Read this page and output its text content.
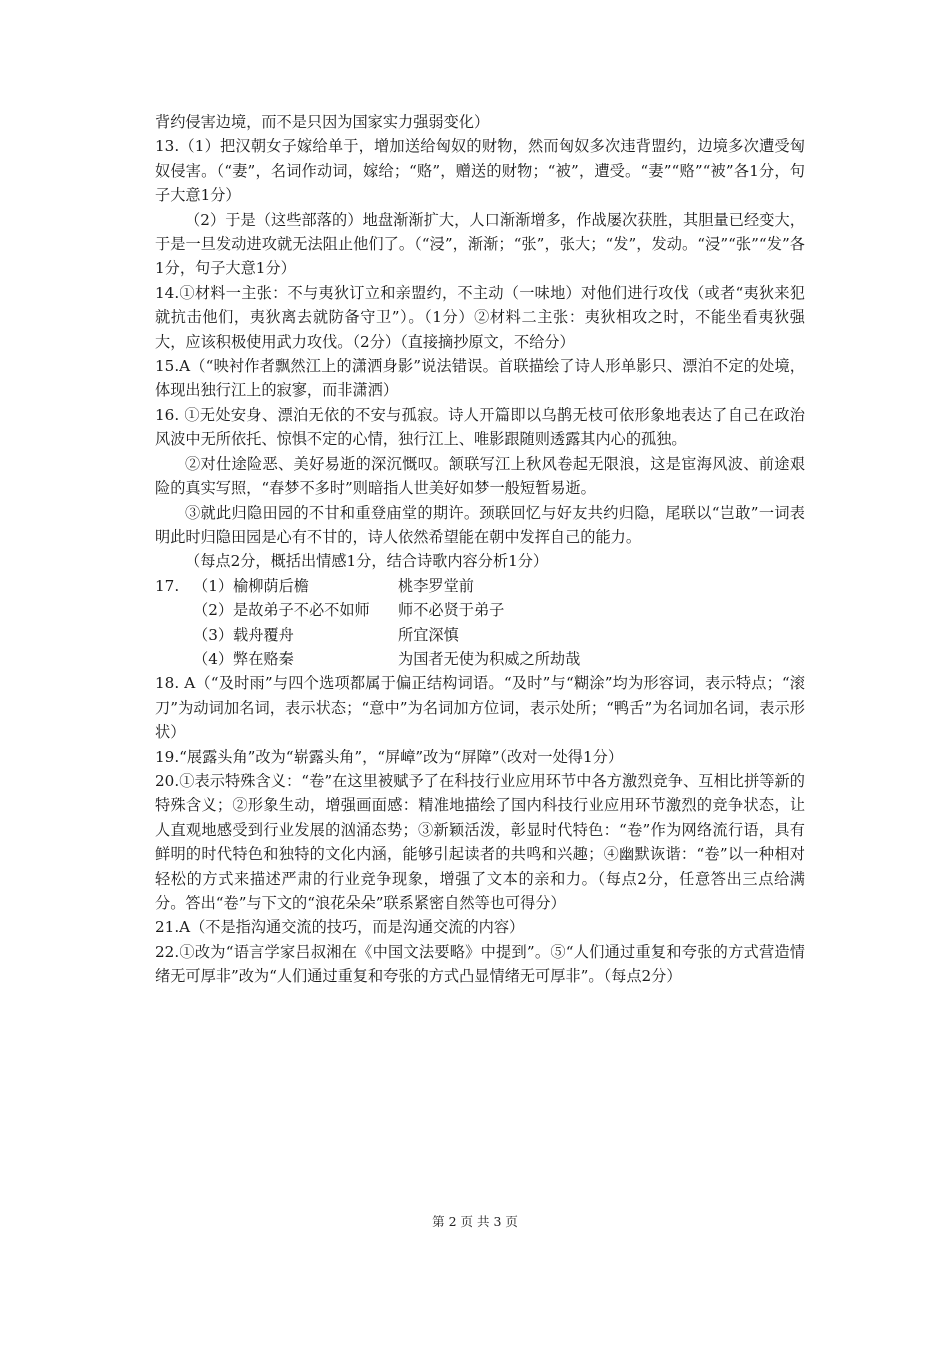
背约侵害边境，而不是只因为国家实力强弱变化）

13.（1）把汉朝女子嫁给单于，增加送给匈奴的财物，然而匈奴多次违背盟约，边境多次遭受匈奴侵害。（“妻”，名词作动词，嫁给；“赂”，赠送的财物；“被”，遭受。“妻”“赂”“被”各1分，句子大意1分）

（2）于是（这些部落的）地盘渐渐扩大，人口渐渐增多，作战屡次获胜，其胆量已经变大，于是一旦发动进攻就无法阻止他们了。（“浸”，渐渐；“张”，张大；“发”，发动。“浸”“张”“发”各1分，句子大意1分）

14.①材料一主张：不与夷狄订立和亲盟约，不主动（一味地）对他们进行攻伐（或者“夷狄来犯就抗击他们，夷狄离去就防备守卫”）。（1分）②材料二主张：夷狄相攻之时，不能坐看夷狄强大，应该积极使用武力攻伐。（2分）（直接摘抄原文，不给分）

15.A（“映衬作者飘然江上的潇洒身影”说法错误。首联描绘了诗人形单影只、漂泊不定的处境，体现出独行江上的寂寥，而非潇洒）

16. ①无处安身、漂泊无依的不安与孤寂。诗人开篇即以乌鹊无枝可依形象地表达了自己在政治风波中无所依托、惊惧不定的心情，独行江上、唯影跟随则透露其内心的孤独。

②对仕途险恶、美好易逝的深沉慨叹。颔联写江上秋风卷起无限浪，这是宦海风波、前途艰险的真实写照，“春梦不多时”则暗指人世美好如梦一般短暂易逝。

③就此归隐田园的不甘和重登庙堂的期许。颈联回忆与好友共约归隐，尾联以“岂敢”一词表明此时归隐田园是心有不甘的，诗人依然希望能在朝中发挥自己的能力。

（每点2分，概括出情感1分，结合诗歌内容分析1分）

17. （1）榆柳荫后檐	桃李罗堂前
（2）是故弟子不必不如师	师不必贤于弟子
（3）载舟覆舟	所宜深慎
（4）弊在赂秦	为国者无使为积威之所劫哉

18. A（“及时雨”与四个选项都属于偏正结构词语。“及时”与“糊涂”均为形容词，表示特点；“滚刀”为动词加名词，表示状态；“意中”为名词加方位词，表示处所；“鸭舌”为名词加名词，表示形状）

19.“展露头角”改为“崭露头角”，“屏嶂”改为“屏障”（改对一处得1分）

20.①表示特殊含义：“卷”在这里被赋予了在科技行业应用环节中各方激烈竞争、互相比拼等新的特殊含义；②形象生动，增强画面感：精准地描绘了国内科技行业应用环节激烈的竞争状态，让人直观地感受到行业发展的汹涌态势；③新颖活泼，彰显时代特色：“卷”作为网络流行语，具有鲜明的时代特色和独特的文化内涵，能够引起读者的共鸣和兴趣；④幽默诙谐：“卷”以一种相对轻松的方式来描述严肃的行业竞争现象，增强了文本的亲和力。（每点2分，任意答出三点给满分。答出“卷”与下文的“浪花朵朵”联系紧密自然等也可得分）

21.A（不是指沟通交流的技巧，而是沟通交流的内容）

22.①改为“语言学家吕叔湘在《中国文法要略》中提到”。⑤“人们通过重复和夸张的方式营造情绪无可厚非”改为“人们通过重复和夸张的方式凸显情绪无可厚非”。（每点2分）

第 2 页 共 3 页
